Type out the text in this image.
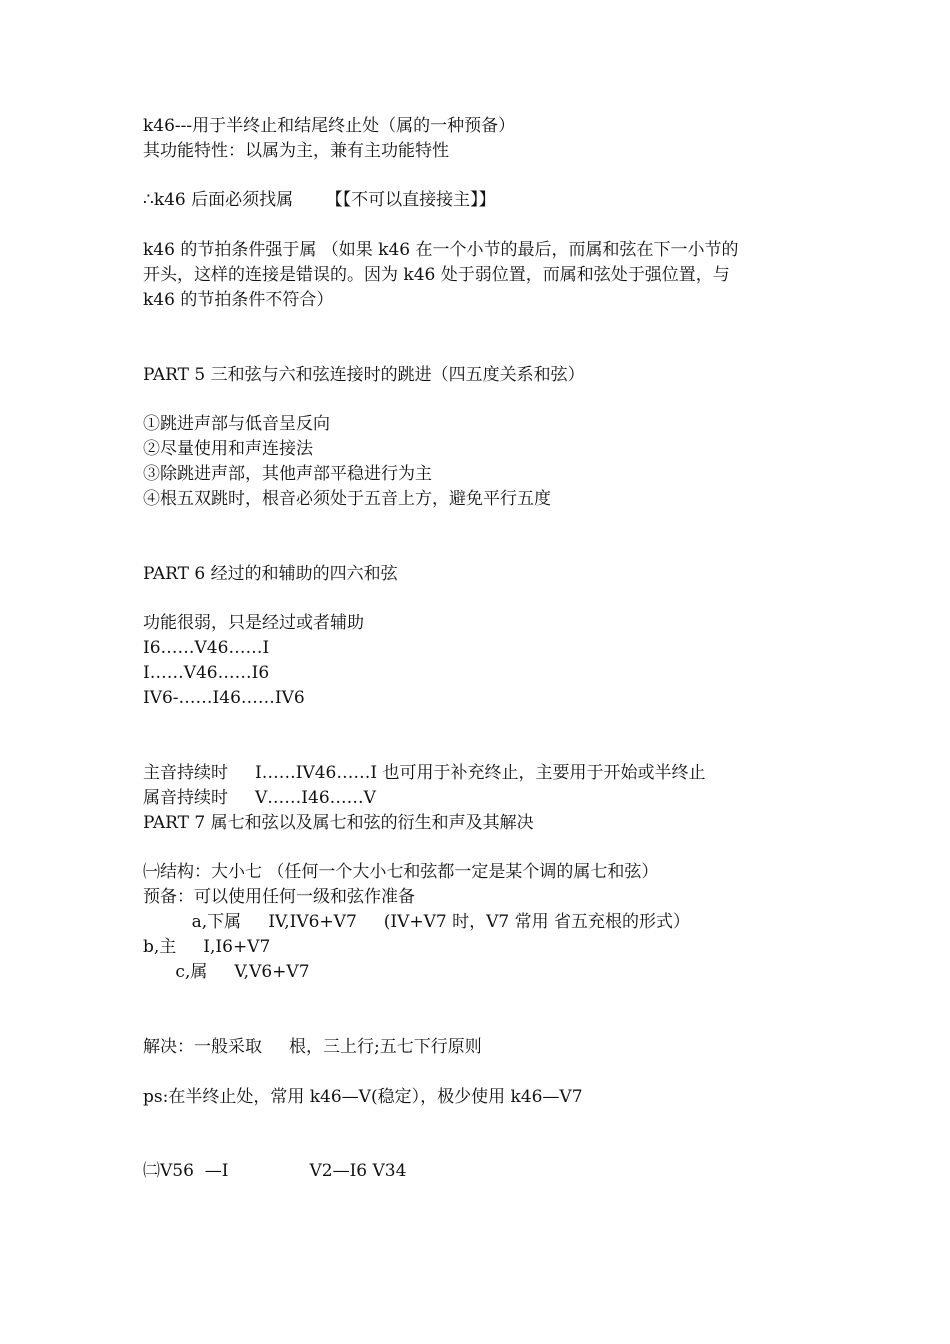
k46---用于半终止和结尾终止处（属的一种预备）
其功能特性：以属为主，兼有主功能特性
∴k46 后面必须找属      【【不可以直接接主】】
k46 的节拍条件强于属 （如果 k46 在一个小节的最后，而属和弦在下一小节的
开头，这样的连接是错误的。因为 k46 处于弱位置，而属和弦处于强位置，与
k46 的节拍条件不符合）
PART 5 三和弦与六和弦连接时的跳进（四五度关系和弦）
①跳进声部与低音呈反向
②尽量使用和声连接法
③除跳进声部，其他声部平稳进行为主
④根五双跳时，根音必须处于五音上方，避免平行五度
PART 6 经过的和辅助的四六和弦
功能很弱，只是经过或者辅助
I6……V46……I
I……V46……I6
IV6-……I46……IV6
主音持续时     I……IV46……I 也可用于补充终止，主要用于开始或半终止
属音持续时     V……I46……V
PART 7 属七和弦以及属七和弦的衍生和声及其解决
㈠结构：大小七 （任何一个大小七和弦都一定是某个调的属七和弦）
预备：可以使用任何一级和弦作准备
a,下属     IV,IV6+V7     (IV+V7 时，V7 常用 省五充根的形式）
b,主     I,I6+V7
c,属     V,V6+V7
解决：一般采取     根，三上行;五七下行原则
ps:在半终止处，常用 k46—V(稳定），极少使用 k46—V7
㈡V56  —I               V2—I6 V34
